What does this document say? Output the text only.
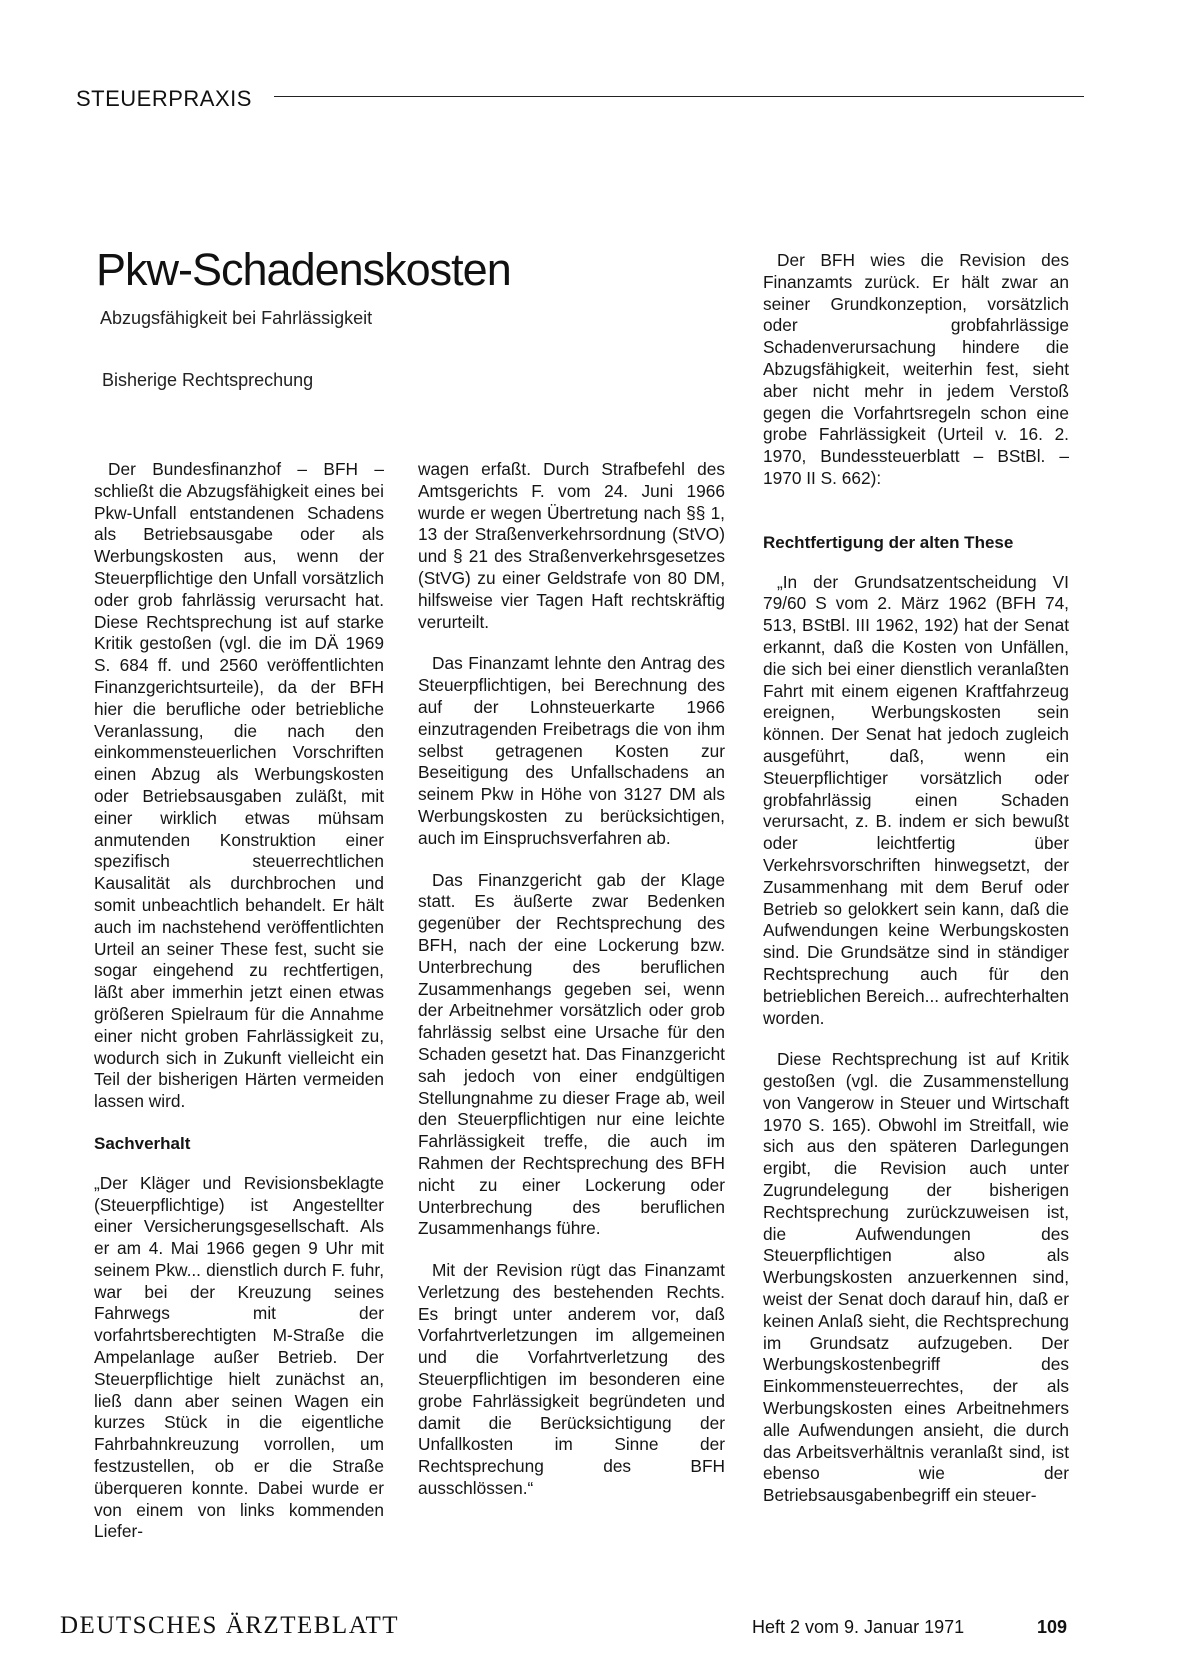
STEUERPRAXIS
Pkw-Schadenskosten
Abzugsfähigkeit bei Fahrlässigkeit
Bisherige Rechtsprechung

Der Bundesfinanzhof – BFH – schließt die Abzugsfähigkeit eines bei Pkw-Unfall entstandenen Schadens als Betriebsausgabe oder als Werbungskosten aus, wenn der Steuerpflichtige den Unfall vorsätzlich oder grob fahrlässig verursacht hat. Diese Rechtsprechung ist auf starke Kritik gestoßen (vgl. die im DÄ 1969 S. 684 ff. und 2560 veröffentlichten Finanzgerichtsurteile), da der BFH hier die berufliche oder betriebliche Veranlassung, die nach den einkommensteuerlichen Vorschriften einen Abzug als Werbungskosten oder Betriebsausgaben zuläßt, mit einer wirklich etwas mühsam anmutenden Konstruktion einer spezifisch steuerrechtlichen Kausalität als durchbrochen und somit unbeachtlich behandelt. Er hält auch im nachstehend veröffentlichten Urteil an seiner These fest, sucht sie sogar eingehend zu rechtfertigen, läßt aber immerhin jetzt einen etwas größeren Spielraum für die Annahme einer nicht groben Fahrlässigkeit zu, wodurch sich in Zukunft vielleicht ein Teil der bisherigen Härten vermeiden lassen wird.

Sachverhalt

„Der Kläger und Revisionsbeklagte (Steuerpflichtige) ist Angestellter einer Versicherungsgesellschaft. Als er am 4. Mai 1966 gegen 9 Uhr mit seinem Pkw... dienstlich durch F. fuhr, war bei der Kreuzung seines Fahrwegs mit der vorfahrtsberechtigten M-Straße die Ampelanlage außer Betrieb. Der Steuerpflichtige hielt zunächst an, ließ dann aber seinen Wagen ein kurzes Stück in die eigentliche Fahrbahnkreuzung vorrollen, um festzustellen, ob er die Straße überqueren konnte. Dabei wurde er von einem von links kommenden Liefer-

wagen erfaßt. Durch Strafbefehl des Amtsgerichts F. vom 24. Juni 1966 wurde er wegen Übertretung nach §§ 1, 13 der Straßenverkehrsordnung (StVO) und § 21 des Straßenverkehrsgesetzes (StVG) zu einer Geldstrafe von 80 DM, hilfsweise vier Tagen Haft rechtskräftig verurteilt.

Das Finanzamt lehnte den Antrag des Steuerpflichtigen, bei Berechnung des auf der Lohnsteuerkarte 1966 einzutragenden Freibetrags die von ihm selbst getragenen Kosten zur Beseitigung des Unfallschadens an seinem Pkw in Höhe von 3127 DM als Werbungskosten zu berücksichtigen, auch im Einspruchsverfahren ab.

Das Finanzgericht gab der Klage statt. Es äußerte zwar Bedenken gegenüber der Rechtsprechung des BFH, nach der eine Lockerung bzw. Unterbrechung des beruflichen Zusammenhangs gegeben sei, wenn der Arbeitnehmer vorsätzlich oder grob fahrlässig selbst eine Ursache für den Schaden gesetzt hat. Das Finanzgericht sah jedoch von einer endgültigen Stellungnahme zu dieser Frage ab, weil den Steuerpflichtigen nur eine leichte Fahrlässigkeit treffe, die auch im Rahmen der Rechtsprechung des BFH nicht zu einer Lockerung oder Unterbrechung des beruflichen Zusammenhangs führe.

Mit der Revision rügt das Finanzamt Verletzung des bestehenden Rechts. Es bringt unter anderem vor, daß Vorfahrtverletzungen im allgemeinen und die Vorfahrtverletzung des Steuerpflichtigen im besonderen eine grobe Fahrlässigkeit begründeten und damit die Berücksichtigung der Unfallkosten im Sinne der Rechtsprechung des BFH ausschlössen.“

Der BFH wies die Revision des Finanzamts zurück. Er hält zwar an seiner Grundkonzeption, vorsätzlich oder grobfahrlässige Schadenverursachung hindere die Abzugsfähigkeit, weiterhin fest, sieht aber nicht mehr in jedem Verstoß gegen die Vorfahrtsregeln schon eine grobe Fahrlässigkeit (Urteil v. 16. 2. 1970, Bundessteuerblatt – BStBl. – 1970 II S. 662):

Rechtfertigung der alten These

„In der Grundsatzentscheidung VI 79/60 S vom 2. März 1962 (BFH 74, 513, BStBl. III 1962, 192) hat der Senat erkannt, daß die Kosten von Unfällen, die sich bei einer dienstlich veranlaßten Fahrt mit einem eigenen Kraftfahrzeug ereignen, Werbungskosten sein können. Der Senat hat jedoch zugleich ausgeführt, daß, wenn ein Steuerpflichtiger vorsätzlich oder grobfahrlässig einen Schaden verursacht, z. B. indem er sich bewußt oder leichtfertig über Verkehrsvorschriften hinwegsetzt, der Zusammenhang mit dem Beruf oder Betrieb so gelokkert sein kann, daß die Aufwendungen keine Werbungskosten sind. Die Grundsätze sind in ständiger Rechtsprechung auch für den betrieblichen Bereich... aufrechterhalten worden.

Diese Rechtsprechung ist auf Kritik gestoßen (vgl. die Zusammenstellung von Vangerow in Steuer und Wirtschaft 1970 S. 165). Obwohl im Streitfall, wie sich aus den späteren Darlegungen ergibt, die Revision auch unter Zugrundelegung der bisherigen Rechtsprechung zurückzuweisen ist, die Aufwendungen des Steuerpflichtigen also als Werbungskosten anzuerkennen sind, weist der Senat doch darauf hin, daß er keinen Anlaß sieht, die Rechtsprechung im Grundsatz aufzugeben. Der Werbungskostenbegriff des Einkommensteuerrechtes, der als Werbungskosten eines Arbeitnehmers alle Aufwendungen ansieht, die durch das Arbeitsverhältnis veranlaßt sind, ist ebenso wie der Betriebsausgabenbegriff ein steuer-

DEUTSCHES ÄRZTEBLATT	Heft 2 vom 9. Januar 1971	109
